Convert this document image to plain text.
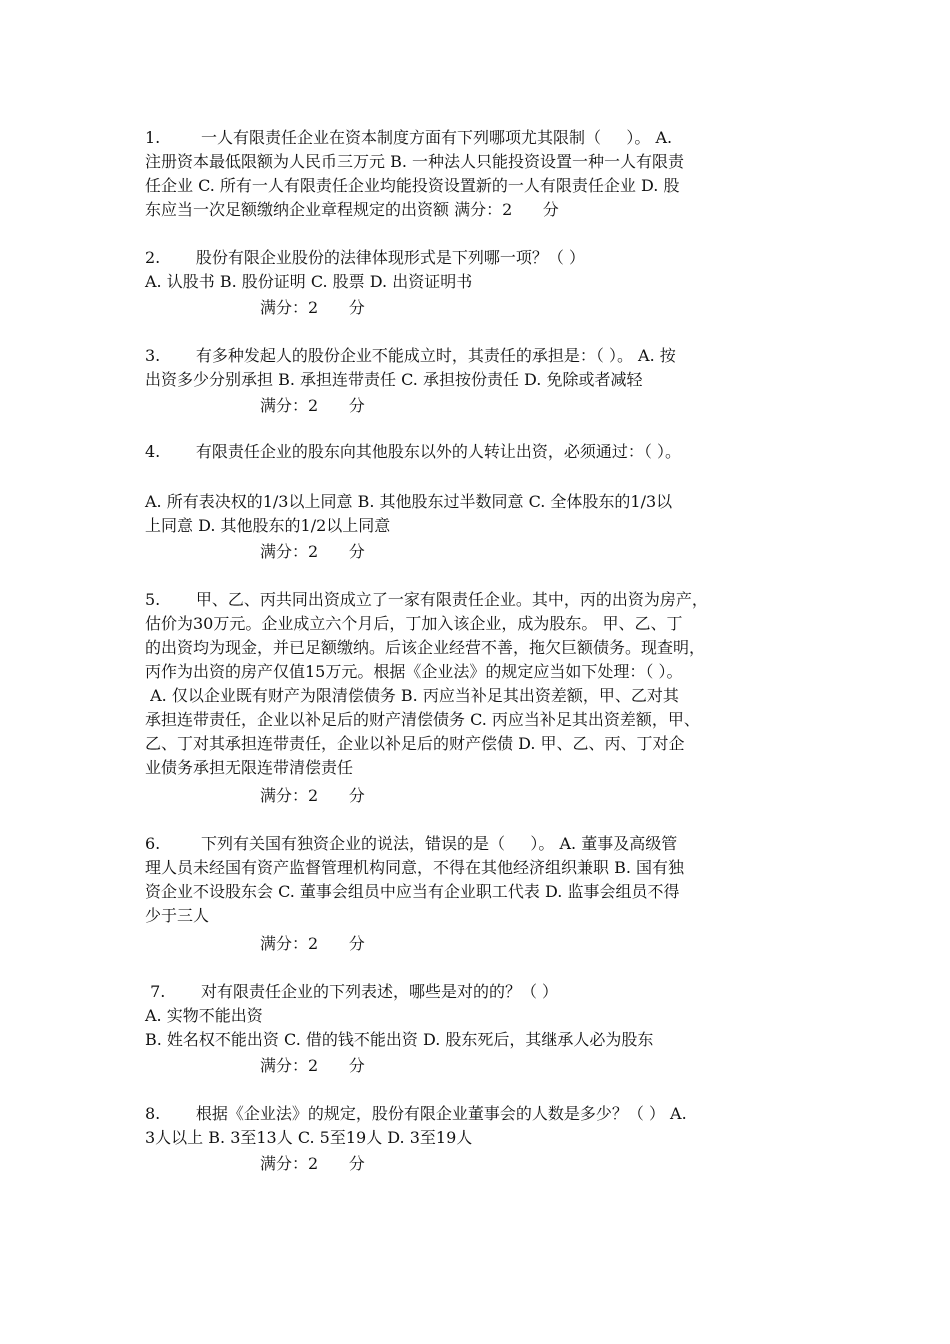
1.        一人有限责任企业在资本制度方面有下列哪项尤其限制（     ）。 A.
注册资本最低限额为人民币三万元 B. 一种法人只能投资设置一种一人有限责
任企业 C. 所有一人有限责任企业均能投资设置新的一人有限责任企业 D. 股
东应当一次足额缴纳企业章程规定的出资额 满分：2      分
2.       股份有限企业股份的法律体现形式是下列哪一项？（ ）
A. 认股书 B. 股份证明 C. 股票 D. 出资证明书
满分：2      分
3.       有多种发起人的股份企业不能成立时，其责任的承担是：（ ）。 A. 按
出资多少分别承担 B. 承担连带责任 C. 承担按份责任 D. 免除或者减轻
满分：2      分
4.       有限责任企业的股东向其他股东以外的人转让出资，必须通过：（ ）。
A. 所有表决权的1/3以上同意 B. 其他股东过半数同意 C. 全体股东的1/3以
上同意 D. 其他股东的1/2以上同意
满分：2      分
5.       甲、乙、丙共同出资成立了一家有限责任企业。其中，丙的出资为房产，
估价为30万元。企业成立六个月后，丁加入该企业，成为股东。 甲、乙、丁
的出资均为现金，并已足额缴纳。后该企业经营不善，拖欠巨额债务。现查明，
丙作为出资的房产仅值15万元。根据《企业法》的规定应当如下处理：（ ）。
A. 仅以企业既有财产为限清偿债务 B. 丙应当补足其出资差额，甲、乙对其
承担连带责任，企业以补足后的财产清偿债务 C. 丙应当补足其出资差额，甲、
乙、丁对其承担连带责任，企业以补足后的财产偿债 D. 甲、乙、丙、丁对企
业债务承担无限连带清偿责任
满分：2      分
6.        下列有关国有独资企业的说法，错误的是（     ）。 A. 董事及高级管
理人员未经国有资产监督管理机构同意，不得在其他经济组织兼职 B. 国有独
资企业不设股东会 C. 董事会组员中应当有企业职工代表 D. 监事会组员不得
少于三人
满分：2      分
7.       对有限责任企业的下列表述，哪些是对的的？（ ）
A. 实物不能出资
B. 姓名权不能出资 C. 借的钱不能出资 D. 股东死后，其继承人必为股东
满分：2      分
8.       根据《企业法》的规定，股份有限企业董事会的人数是多少？（ ） A.
3人以上 B. 3至13人 C. 5至19人 D. 3至19人
满分：2      分
